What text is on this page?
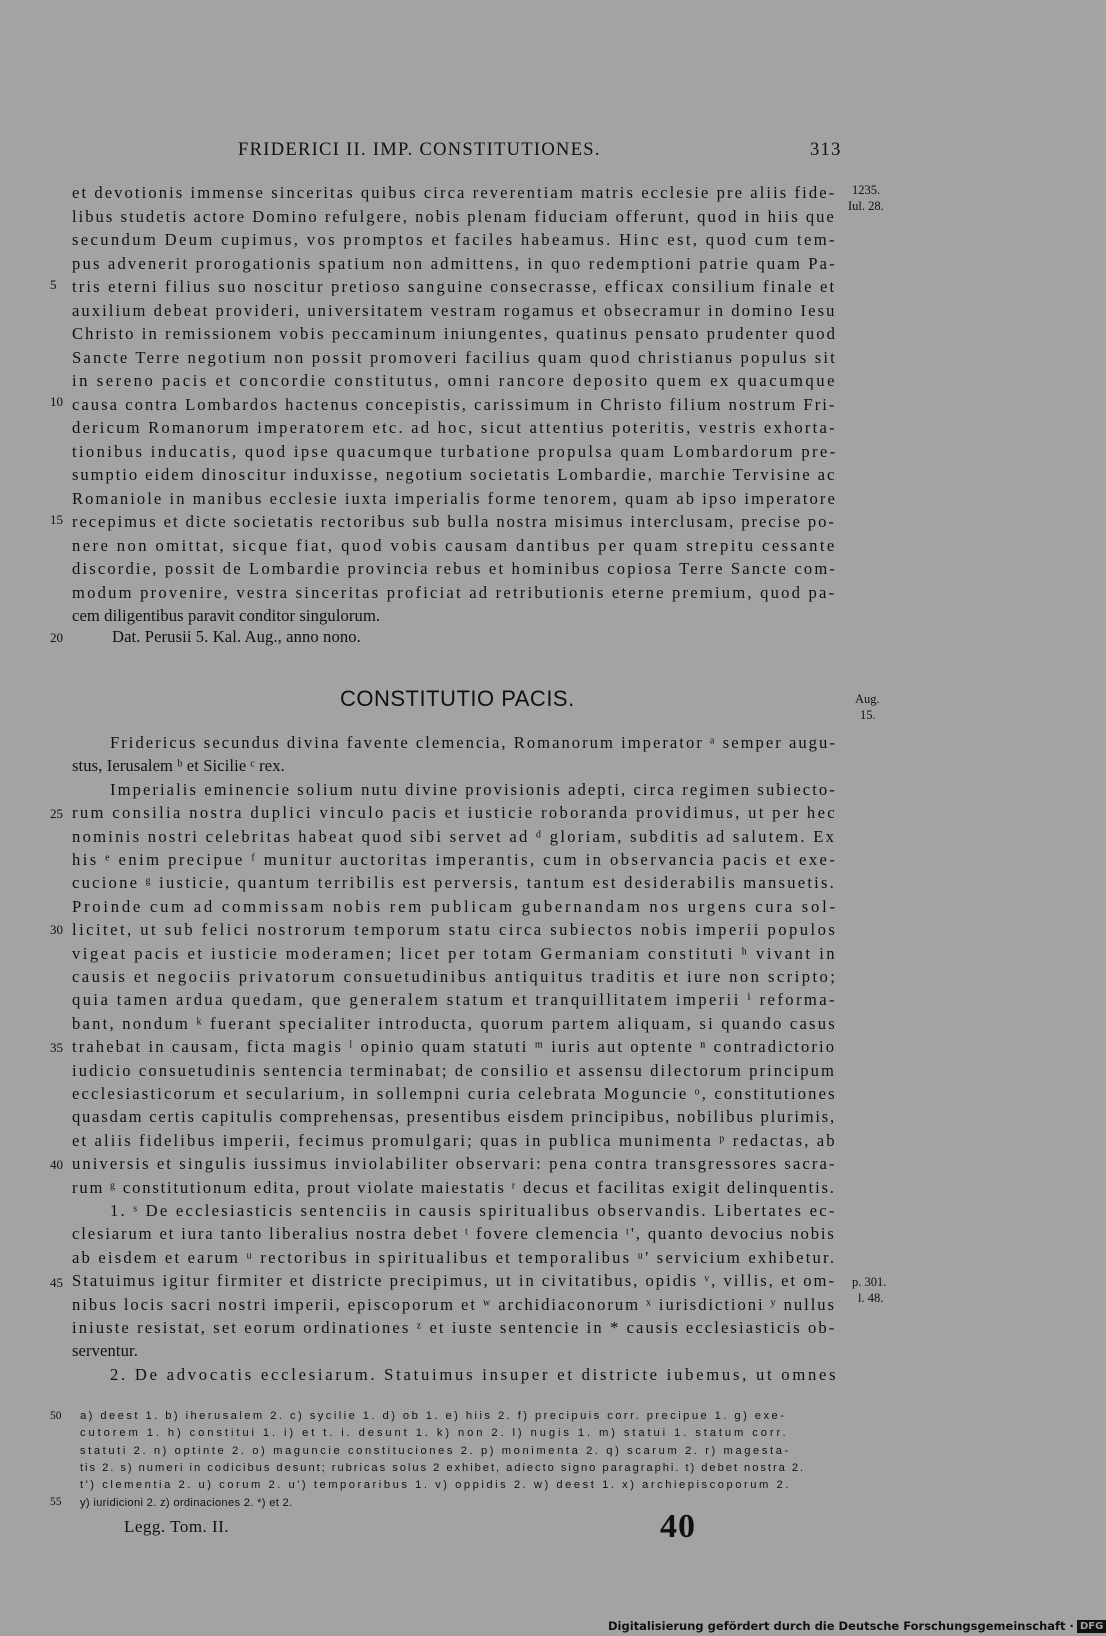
FRIDERICI II. IMP. CONSTITUTIONES.	313
1235.
Iul. 28.
Aug.
15.
p. 301.
l. 48.
5
10
15
20
25
30
35
40
45
et devotionis immense sinceritas quibus circa reverentiam matris ecclesie pre aliis fide-
libus studetis actore Domino refulgere, nobis plenam fiduciam offerunt, quod in hiis que
secundum Deum cupimus, vos promptos et faciles habeamus. Hinc est, quod cum tem-
pus advenerit prorogationis spatium non admittens, in quo redemptioni patrie quam Pa-
tris eterni filius suo noscitur pretioso sanguine consecrasse, efficax consilium finale et
auxilium debeat provideri, universitatem vestram rogamus et obsecramur in domino Iesu
Christo in remissionem vobis peccaminum iniungentes, quatinus pensato prudenter quod
Sancte Terre negotium non possit promoveri facilius quam quod christianus populus sit
in sereno pacis et concordie constitutus, omni rancore deposito quem ex quacumque
causa contra Lombardos hactenus concepistis, carissimum in Christo filium nostrum Fri-
dericum Romanorum imperatorem etc. ad hoc, sicut attentius poteritis, vestris exhorta-
tionibus inducatis, quod ipse quacumque turbatione propulsa quam Lombardorum pre-
sumptio eidem dinoscitur induxisse, negotium societatis Lombardie, marchie Tervisine ac
Romaniole in manibus ecclesie iuxta imperialis forme tenorem, quam ab ipso imperatore
recepimus et dicte societatis rectoribus sub bulla nostra misimus interclusam, precise po-
nere non omittat, sicque fiat, quod vobis causam dantibus per quam strepitu cessante
discordie, possit de Lombardie provincia rebus et hominibus copiosa Terre Sancte com-
modum provenire, vestra sinceritas proficiat ad retributionis eterne premium, quod pa-
cem diligentibus paravit conditor singulorum.
Dat. Perusii 5. Kal. Aug., anno nono.
CONSTITUTIO PACIS.
Fridericus secundus divina favente clemencia, Romanorum imperator ᵃ semper augu-
stus, Ierusalem ᵇ et Sicilie ᶜ rex.
Imperialis eminencie solium nutu divine provisionis adepti, circa regimen subiecto-
rum consilia nostra duplici vinculo pacis et iusticie roboranda providimus, ut per hec
nominis nostri celebritas habeat quod sibi servet ad ᵈ gloriam, subditis ad salutem. Ex
his ᵉ enim precipue ᶠ munitur auctoritas imperantis, cum in observancia pacis et exe-
cucione ᵍ iusticie, quantum terribilis est perversis, tantum est desiderabilis mansuetis.
Proinde cum ad commissam nobis rem publicam gubernandam nos urgens cura sol-
licitet, ut sub felici nostrorum temporum statu circa subiectos nobis imperii populos
vigeat pacis et iusticie moderamen; licet per totam Germaniam constituti ʰ vivant in
causis et negociis privatorum consuetudinibus antiquitus traditis et iure non scripto;
quia tamen ardua quedam, que generalem statum et tranquillitatem imperii ⁱ reforma-
bant, nondum ᵏ fuerant specialiter introducta, quorum partem aliquam, si quando casus
trahebat in causam, ficta magis ˡ opinio quam statuti ᵐ iuris aut optente ⁿ contradictorio
iudicio consuetudinis sentencia terminabat; de consilio et assensu dilectorum principum
ecclesiasticorum et secularium, in sollempni curia celebrata Moguncie ᵒ, constitutiones
quasdam certis capitulis comprehensas, presentibus eisdem principibus, nobilibus plurimis,
et aliis fidelibus imperii, fecimus promulgari; quas in publica munimenta ᵖ redactas, ab
universis et singulis iussimus inviolabiliter observari: pena contra transgressores sacra-
rum ᵍ constitutionum edita, prout violate maiestatis ʳ decus et facilitas exigit delinquentis.
1. ˢ De ecclesiasticis sentenciis in causis spiritualibus observandis. Libertates ec-
clesiarum et iura tanto liberalius nostra debet ᵗ fovere clemencia ᵗ', quanto devocius nobis
ab eisdem et earum ᵘ rectoribus in spiritualibus et temporalibus ᵘ' servicium exhibetur.
Statuimus igitur firmiter et districte precipimus, ut in civitatibus, opidis ᵛ, villis, et om-
nibus locis sacri nostri imperii, episcoporum et ʷ archidiaconorum ˣ iurisdictioni ʸ nullus
iniuste resistat, set eorum ordinationes ᶻ et iuste sentencie in * causis ecclesiasticis ob-
serventur.
2. De advocatis ecclesiarum. Statuimus insuper et districte iubemus, ut omnes
50
55
a) deest 1. b) iherusalem 2. c) sycilie 1. d) ob 1. e) hiis 2. f) precipuis corr. precipue 1. g) exe-
cutorem 1. h) constitui 1. i) et t. i. desunt 1. k) non 2. l) nugis 1. m) statui 1. statum corr.
statuti 2. n) optinte 2. o) maguncie constituciones 2. p) monimenta 2. q) scarum 2. r) magesta-
tis 2. s) numeri in codicibus desunt; rubricas solus 2 exhibet, adiecto signo paragraphi. t) debet nostra 2.
t') clementia 2. u) corum 2. u') temporaribus 1. v) oppidis 2. w) deest 1. x) archiepiscoporum 2.
y) iuridicioni 2. z) ordinaciones 2. *) et 2.
Legg. Tom. II.	40
Digitalisierung gefördert durch die Deutsche Forschungsgemeinschaft · DFG
